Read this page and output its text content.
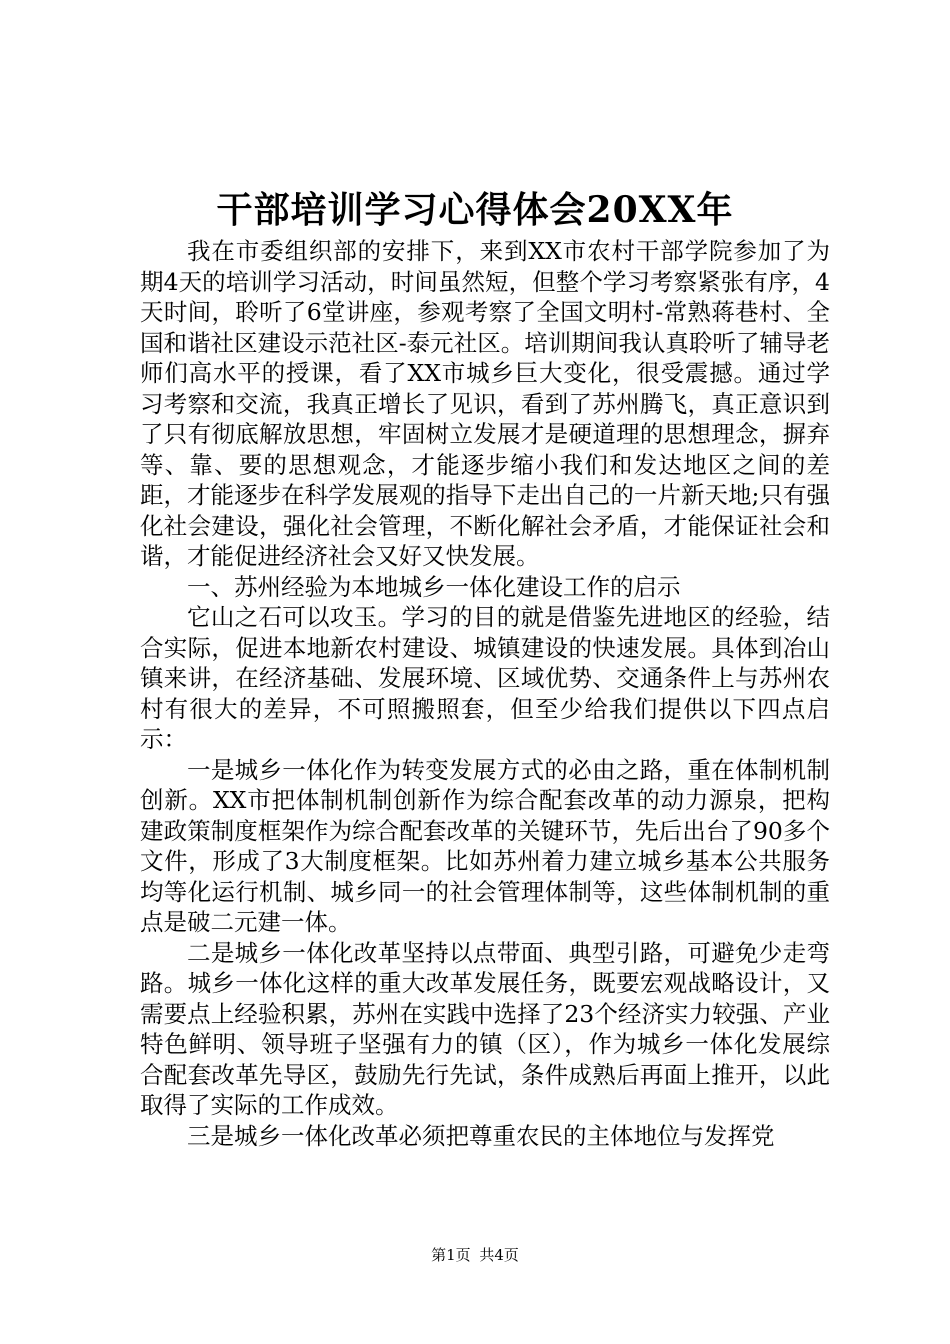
干部培训学习心得体会20XX年

我在市委组织部的安排下，来到XX市农村干部学院参加了为期4天的培训学习活动，时间虽然短，但整个学习考察紧张有序，4天时间，聆听了6堂讲座，参观考察了全国文明村-常熟蒋巷村、全国和谐社区建设示范社区-泰元社区。培训期间我认真聆听了辅导老师们高水平的授课，看了XX市城乡巨大变化，很受震撼。通过学习考察和交流，我真正增长了见识，看到了苏州腾飞，真正意识到了只有彻底解放思想，牢固树立发展才是硬道理的思想理念，摒弃等、靠、要的思想观念，才能逐步缩小我们和发达地区之间的差距，才能逐步在科学发展观的指导下走出自己的一片新天地;只有强化社会建设，强化社会管理，不断化解社会矛盾，才能保证社会和谐，才能促进经济社会又好又快发展。

一、苏州经验为本地城乡一体化建设工作的启示

它山之石可以攻玉。学习的目的就是借鉴先进地区的经验，结合实际，促进本地新农村建设、城镇建设的快速发展。具体到冶山镇来讲，在经济基础、发展环境、区域优势、交通条件上与苏州农村有很大的差异，不可照搬照套，但至少给我们提供以下四点启示：

一是城乡一体化作为转变发展方式的必由之路，重在体制机制创新。XX市把体制机制创新作为综合配套改革的动力源泉，把构建政策制度框架作为综合配套改革的关键环节，先后出台了90多个文件，形成了3大制度框架。比如苏州着力建立城乡基本公共服务均等化运行机制、城乡同一的社会管理体制等，这些体制机制的重点是破二元建一体。

二是城乡一体化改革坚持以点带面、典型引路，可避免少走弯路。城乡一体化这样的重大改革发展任务，既要宏观战略设计，又需要点上经验积累，苏州在实践中选择了23个经济实力较强、产业特色鲜明、领导班子坚强有力的镇（区），作为城乡一体化发展综合配套改革先导区，鼓励先行先试，条件成熟后再面上推开，以此取得了实际的工作成效。

三是城乡一体化改革必须把尊重农民的主体地位与发挥党

第1页 共4页
